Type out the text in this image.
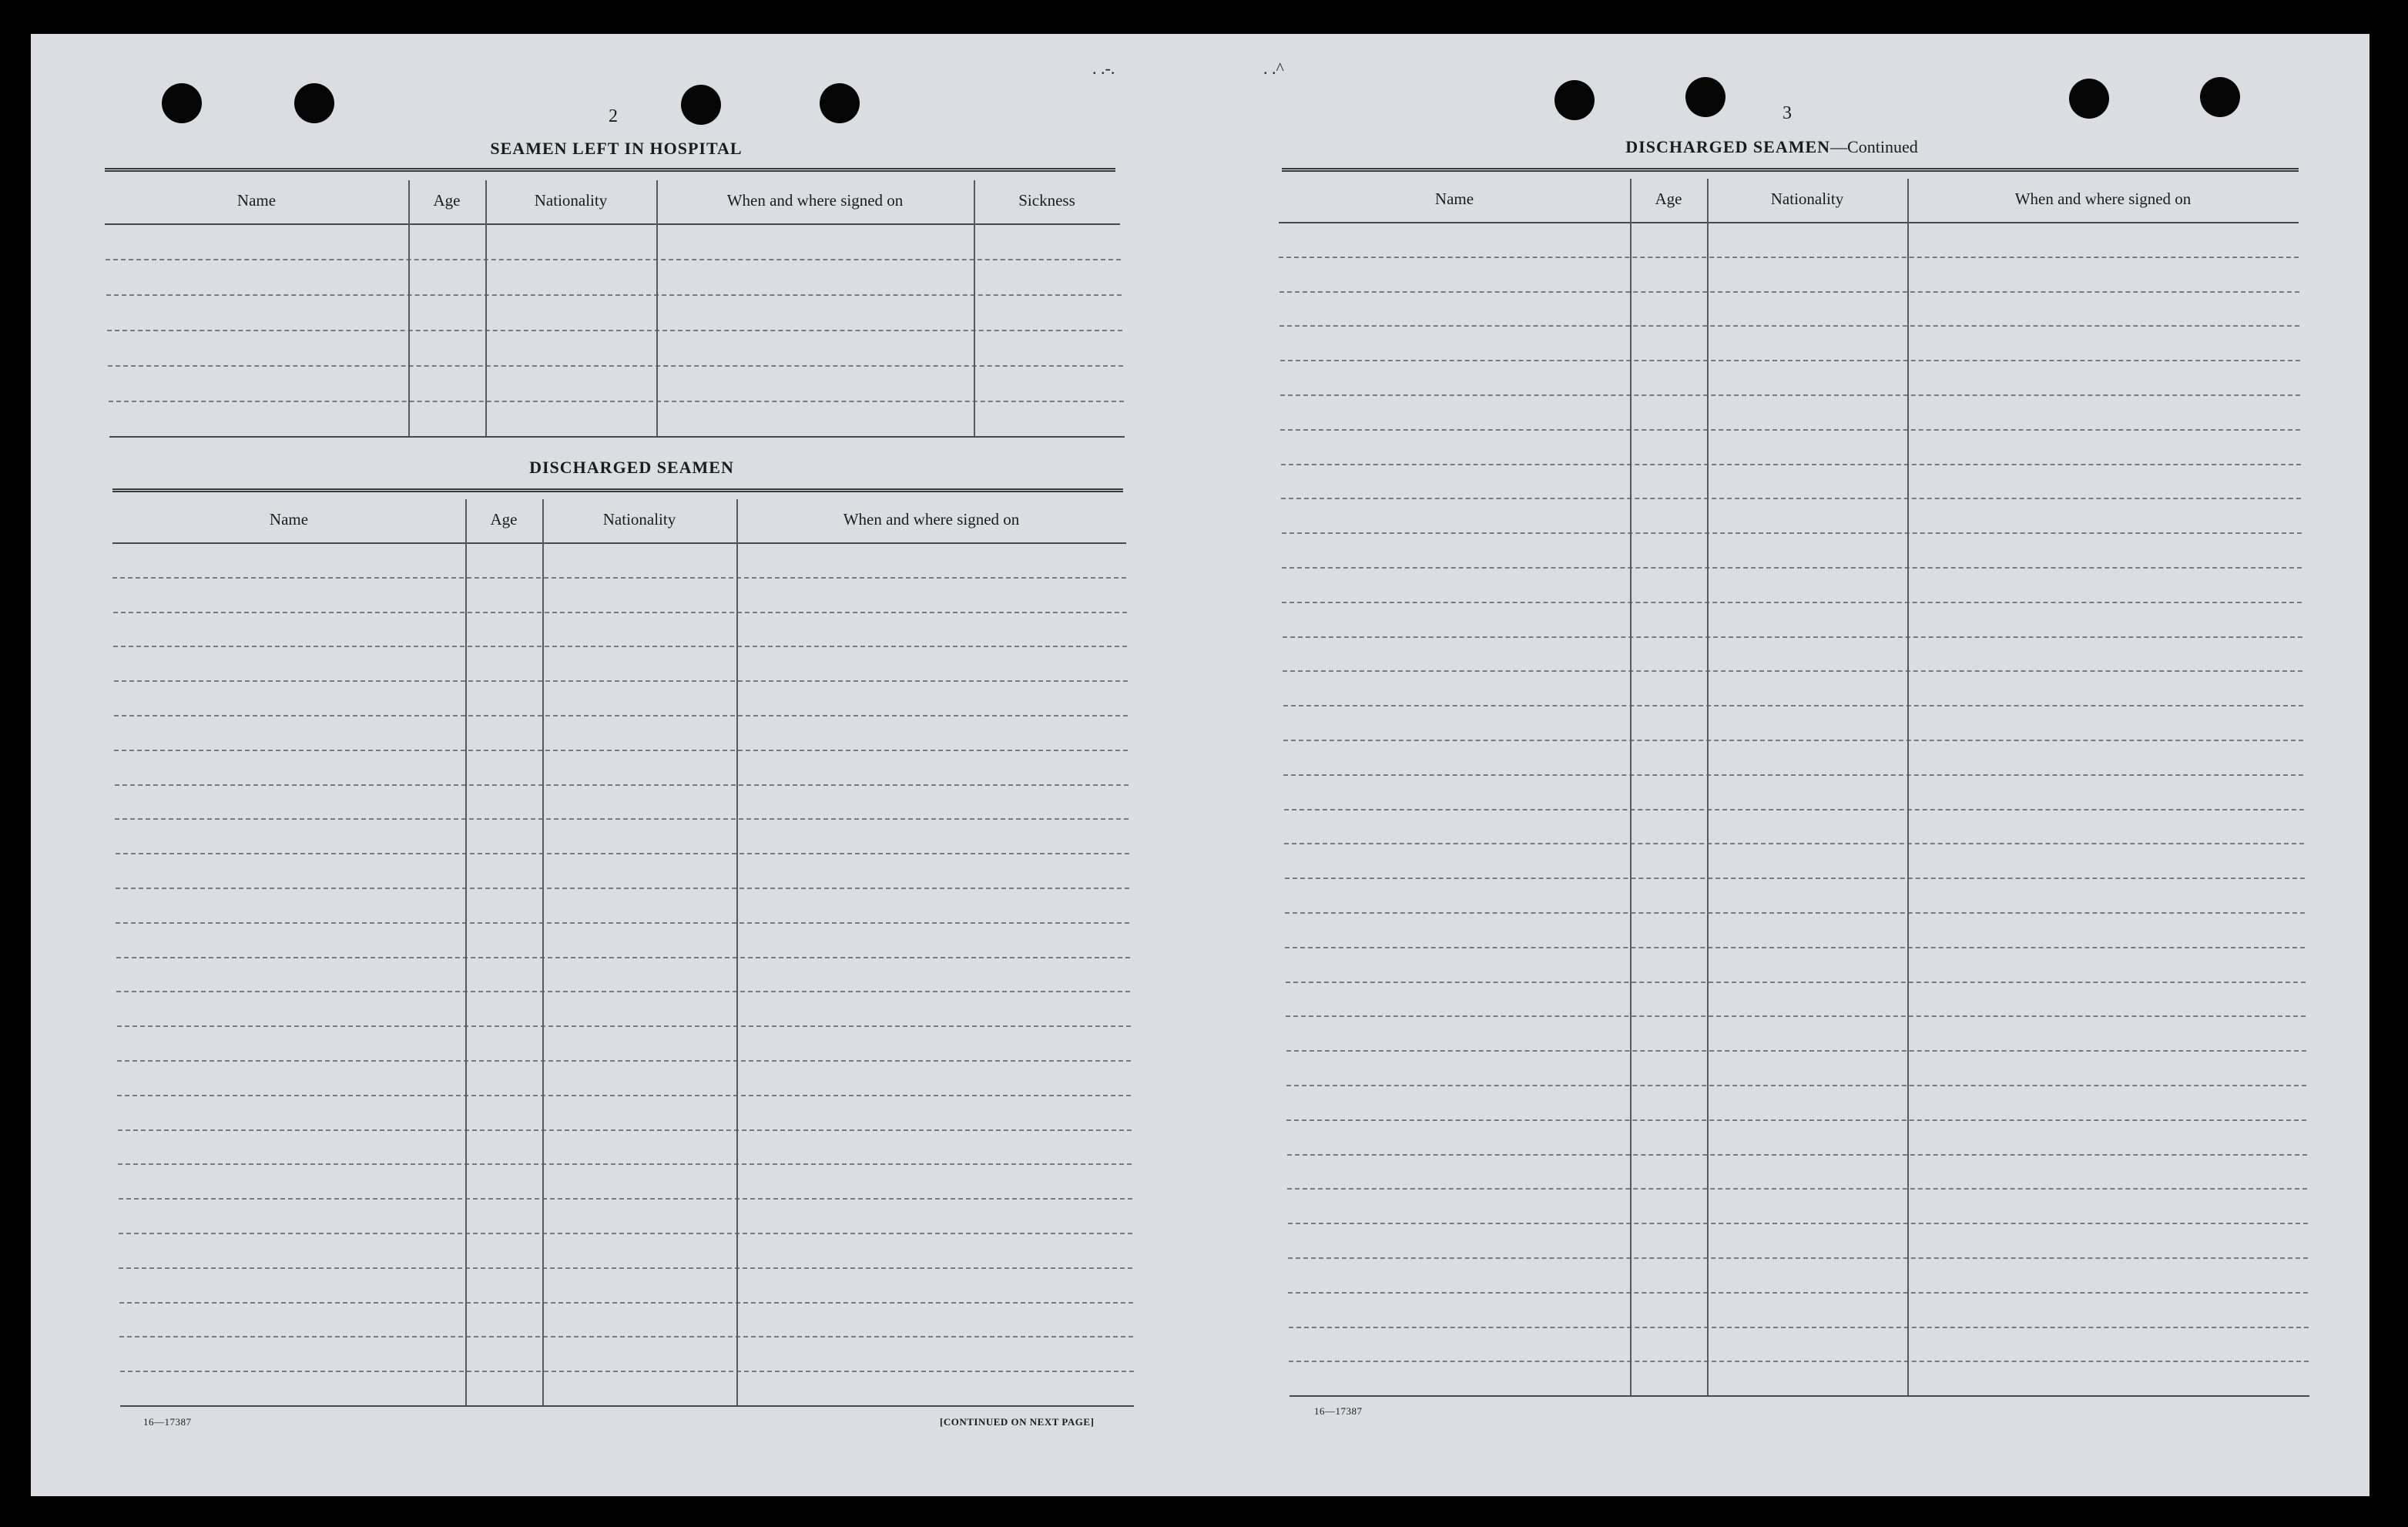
. .-.	. .^
2
SEAMEN LEFT IN HOSPITAL
Name	Age	Nationality	When and where signed on	Sickness
DISCHARGED SEAMEN
Name	Age	Nationality	When and where signed on
16—17387	[CONTINUED ON NEXT PAGE]
3
DISCHARGED SEAMEN—Continued
Name	Age	Nationality	When and where signed on
16—17387
